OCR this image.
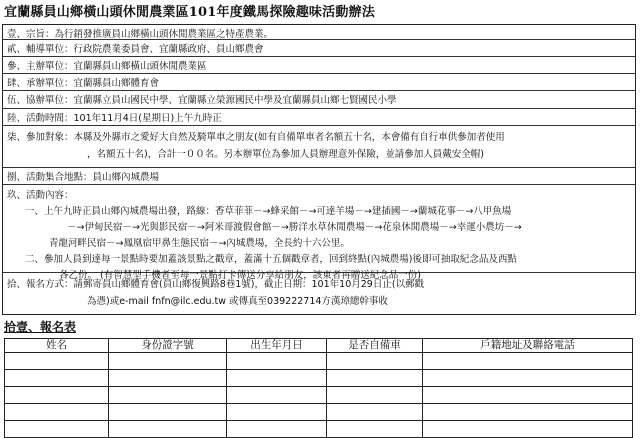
宜蘭縣員山鄉橫山頭休閒農業區101年度鐵馬探險趣味活動辦法
壹、宗旨：為行銷發推廣員山鄉橫山頭休閒農業區之特產農業。
貳、輔導單位：行政院農業委員會、宜蘭縣政府、員山鄉農會
參、主辦單位：宜蘭縣員山鄉橫山頭休閒農業區
肆、承辦單位：宜蘭縣員山鄉體育會
伍、協辦單位：宜蘭縣立員山國民中學、宜蘭縣立榮源國民中學及宜蘭縣員山鄉七賢國民小學
陸、活動時間：101年11月4日(星期日)上午九時正
柒、參加對象：本縣及外縣市之愛好大自然及騎單車之朋友(如有自備單車者名額五十名，本會備有自行車供參加者使用
，名額五十名)，合計一００名。另本辦單位為參加人員辦理意外保險，並請參加人員戴安全帽)
捌、活動集合地點：員山鄉內城農場
玖、活動內容：
一、上午九時正員山鄉內城農場出發，路線：香草菲菲－→蜂采館－→可達羊場－→建插國－→蘭城花事－→八甲魚場
－→伊甸民宿－→光與影民宿－→阿米哥渡假會館－→勝洋水草休閒農場－→花泉休閒農場－→幸運小農坊－→
青龍河畔民宿－→鳳凰宿甲鼻生態民宿－→內城農場，全長約十六公里。
二、參加人員到達每一景點時要加蓋該景點之戳章，蓋滿十五個戳章者，回到終點(內城農場)後即可抽取紀念品及西點
各乙份。 (有智慧型手機者至每一景點打卡傳送分享給朋友，該東者再贈送紀念品一份)
拾、報名方式：請郵寄員山鄉體育會(員山鄉復興路8巷1號)，截止日期：101年10月29日止(以郵戳
為憑)或e-mail fnfn@ilc.edu.tw 或傳真至039222714方漢璋總幹事收
拾壹、報名表
姓名	身份證字號	出生年月日	是否自備車	戶籍地址及聯絡電話
